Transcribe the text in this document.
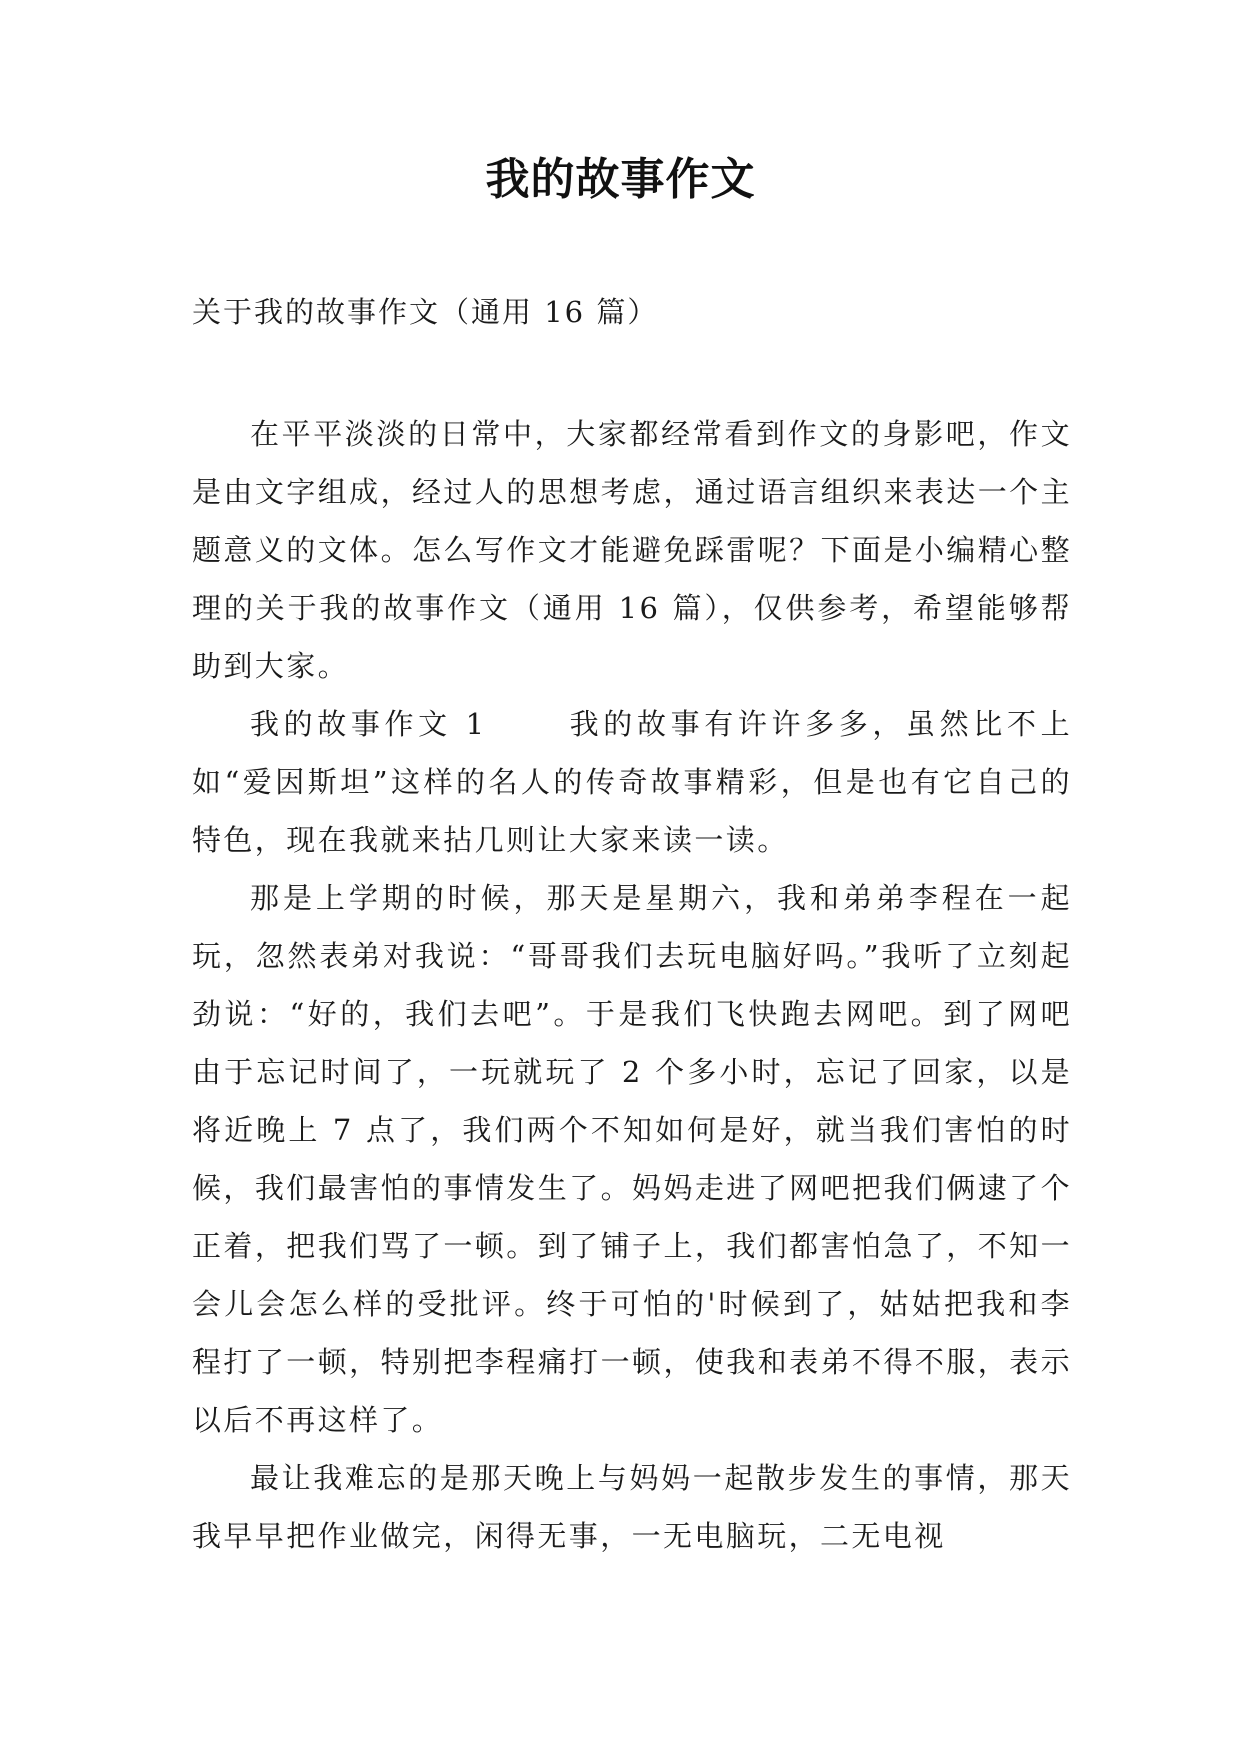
我的故事作文
关于我的故事作文（通用 16 篇）

在平平淡淡的日常中，大家都经常看到作文的身影吧，作文是由文字组成，经过人的思想考虑，通过语言组织来表达一个主题意义的文体。怎么写作文才能避免踩雷呢？下面是小编精心整理的关于我的故事作文（通用 16 篇），仅供参考，希望能够帮助到大家。

我的故事作文 1      我的故事有许许多多，虽然比不上如“爱因斯坦”这样的名人的传奇故事精彩，但是也有它自己的特色，现在我就来拈几则让大家来读一读。

那是上学期的时候，那天是星期六，我和弟弟李程在一起玩，忽然表弟对我说：“哥哥我们去玩电脑好吗。”我听了立刻起劲说：“好的，我们去吧”。于是我们飞快跑去网吧。到了网吧由于忘记时间了，一玩就玩了 2 个多小时，忘记了回家，以是将近晚上 7 点了，我们两个不知如何是好，就当我们害怕的时候，我们最害怕的事情发生了。妈妈走进了网吧把我们俩逮了个正着，把我们骂了一顿。到了铺子上，我们都害怕急了，不知一会儿会怎么样的受批评。终于可怕的'时候到了，姑姑把我和李程打了一顿，特别把李程痛打一顿，使我和表弟不得不服，表示以后不再这样了。

最让我难忘的是那天晚上与妈妈一起散步发生的事情，那天我早早把作业做完，闲得无事，一无电脑玩，二无电视
